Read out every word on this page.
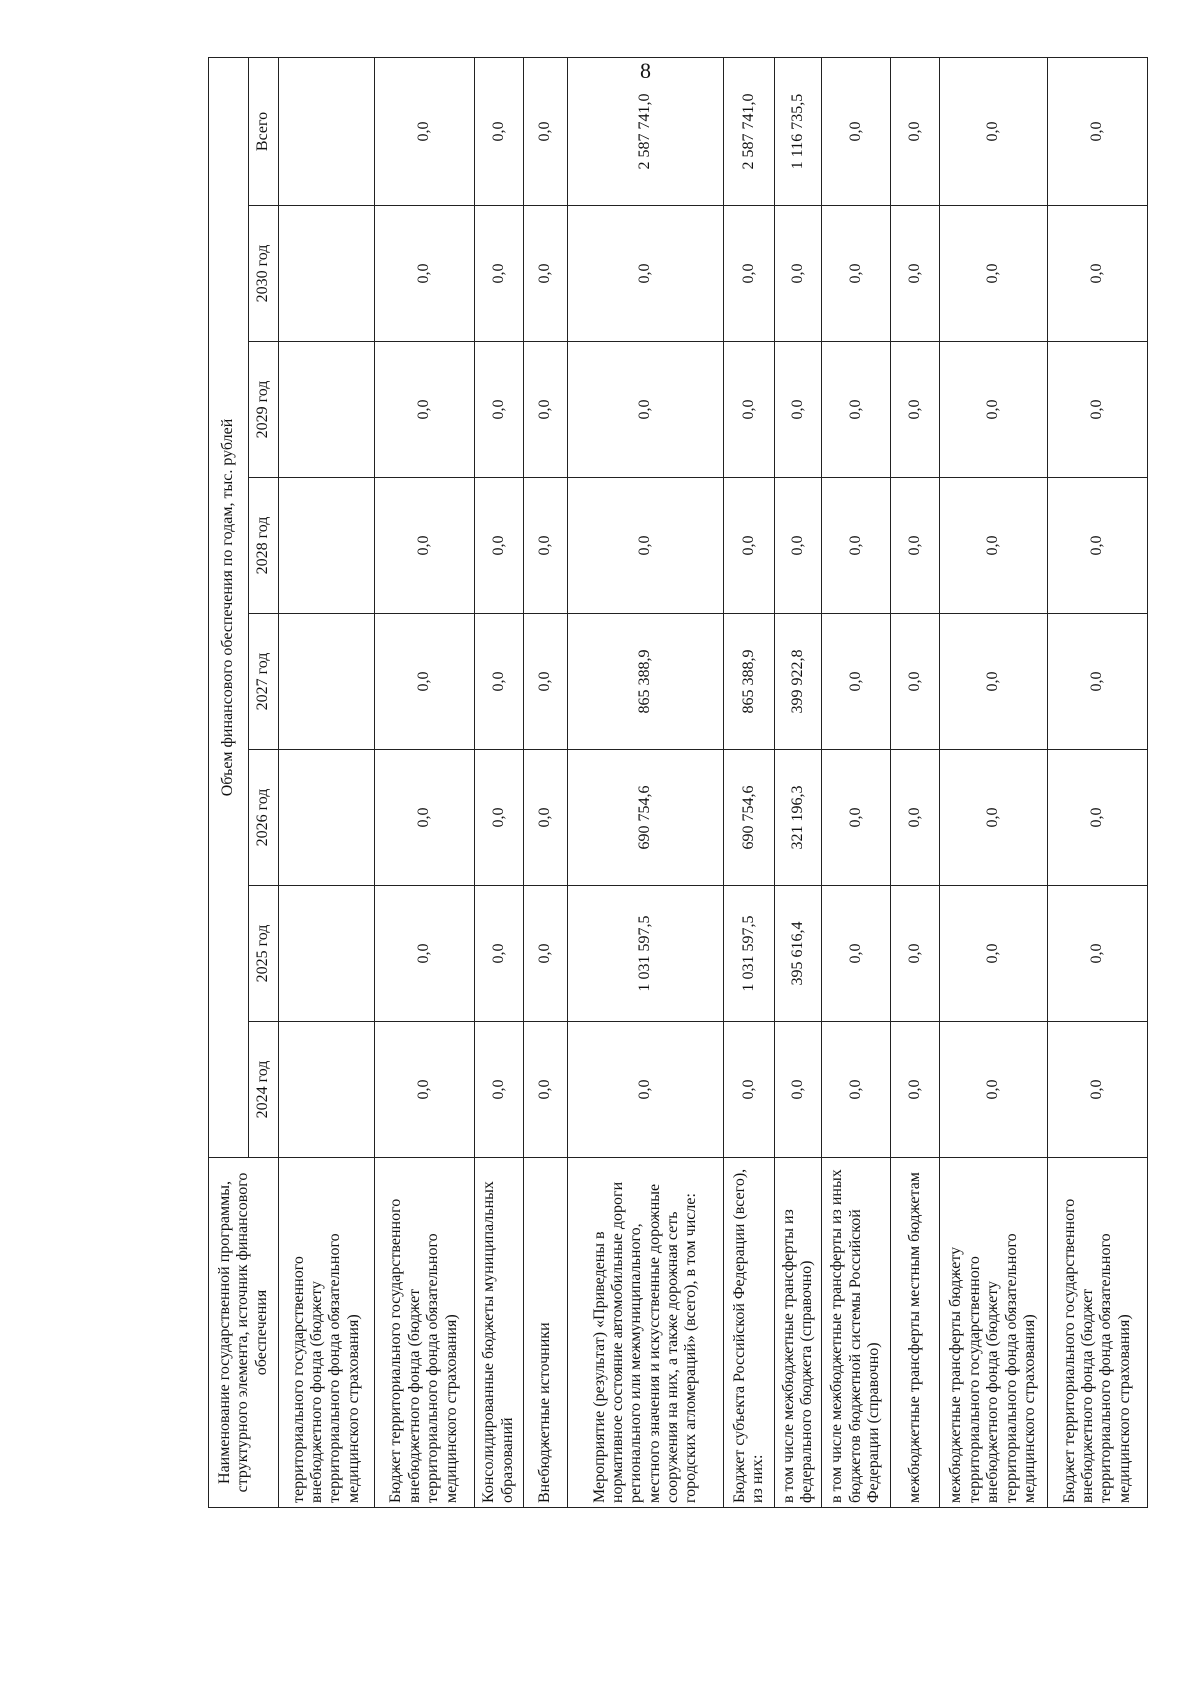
8
Наименование государственной программы, структурного элемента, источник финансового обеспечения	Объем финансового обеспечения по годам, тыс. рублей							
	2024 год	2025 год	2026 год	2027 год	2028 год	2029 год	2030 год	Всего
территориального государственного внебюджетного фонда (бюджету территориального фонда обязательного медицинского страхования)								
Бюджет территориального государственного внебюджетного фонда (бюджет территориального фонда обязательного медицинского страхования)	0,0	0,0	0,0	0,0	0,0	0,0	0,0	0,0
Консолидированные бюджеты муниципальных образований	0,0	0,0	0,0	0,0	0,0	0,0	0,0	0,0
Внебюджетные источники	0,0	0,0	0,0	0,0	0,0	0,0	0,0	0,0
Мероприятие (результат) «Приведены в нормативное состояние автомобильные дороги регионального или межмуниципального, местного значения и искусственные дорожные сооружения на них, а также дорожная сеть городских агломераций» (всего), в том числе:	0,0	1 031 597,5	690 754,6	865 388,9	0,0	0,0	0,0	2 587 741,0
Бюджет субъекта Российской Федерации (всего), из них:	0,0	1 031 597,5	690 754,6	865 388,9	0,0	0,0	0,0	2 587 741,0
в том числе межбюджетные трансферты из федерального бюджета (справочно)	0,0	395 616,4	321 196,3	399 922,8	0,0	0,0	0,0	1 116 735,5
в том числе межбюджетные трансферты из иных бюджетов бюджетной системы Российской Федерации (справочно)	0,0	0,0	0,0	0,0	0,0	0,0	0,0	0,0
межбюджетные трансферты местным бюджетам	0,0	0,0	0,0	0,0	0,0	0,0	0,0	0,0
межбюджетные трансферты бюджету территориального государственного внебюджетного фонда (бюджету территориального фонда обязательного медицинского страхования)	0,0	0,0	0,0	0,0	0,0	0,0	0,0	0,0
Бюджет территориального государственного внебюджетного фонда (бюджет территориального фонда обязательного медицинского страхования)	0,0	0,0	0,0	0,0	0,0	0,0	0,0	0,0
